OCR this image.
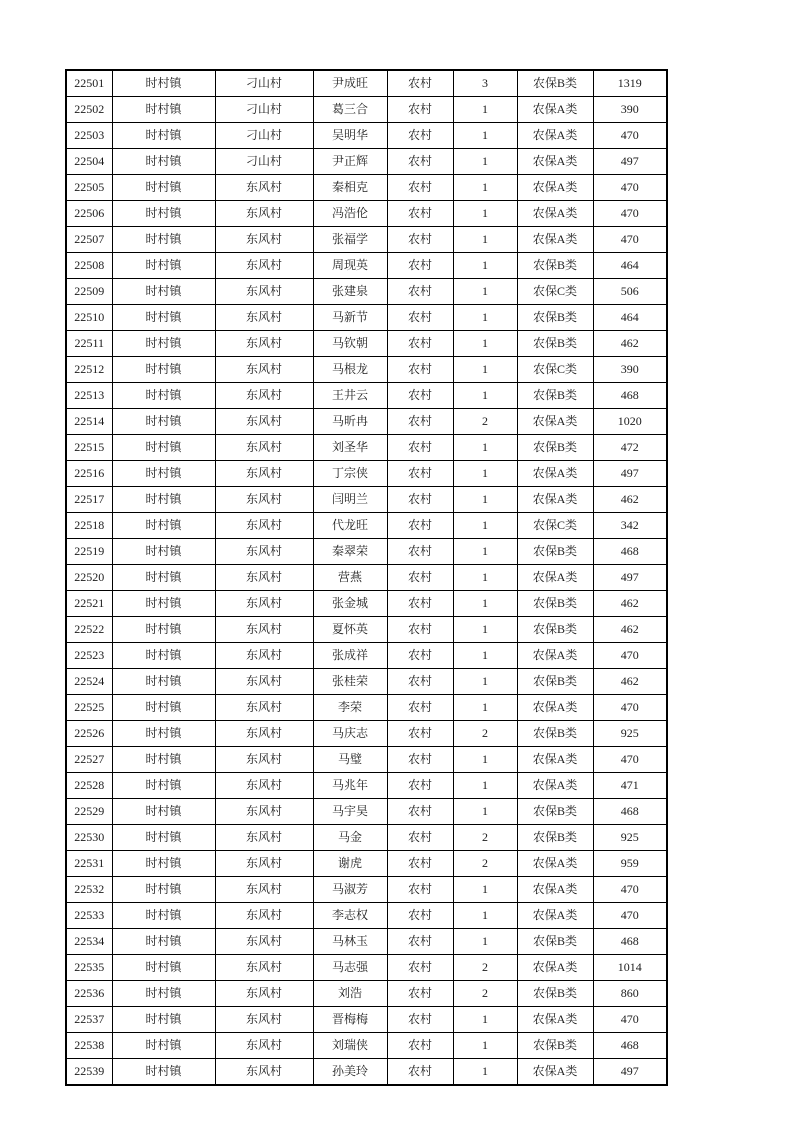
22501	时村镇	刁山村	尹成旺	农村	3	农保B类	1319
22502	时村镇	刁山村	葛三合	农村	1	农保A类	390
22503	时村镇	刁山村	吴明华	农村	1	农保A类	470
22504	时村镇	刁山村	尹正辉	农村	1	农保A类	497
22505	时村镇	东风村	秦相克	农村	1	农保A类	470
22506	时村镇	东风村	冯浩伦	农村	1	农保A类	470
22507	时村镇	东风村	张福学	农村	1	农保A类	470
22508	时村镇	东风村	周现英	农村	1	农保B类	464
22509	时村镇	东风村	张建泉	农村	1	农保C类	506
22510	时村镇	东风村	马新节	农村	1	农保B类	464
22511	时村镇	东风村	马钦朝	农村	1	农保B类	462
22512	时村镇	东风村	马根龙	农村	1	农保C类	390
22513	时村镇	东风村	王井云	农村	1	农保B类	468
22514	时村镇	东风村	马昕冉	农村	2	农保A类	1020
22515	时村镇	东风村	刘圣华	农村	1	农保B类	472
22516	时村镇	东风村	丁宗侠	农村	1	农保A类	497
22517	时村镇	东风村	闫明兰	农村	1	农保A类	462
22518	时村镇	东风村	代龙旺	农村	1	农保C类	342
22519	时村镇	东风村	秦翠荣	农村	1	农保B类	468
22520	时村镇	东风村	营燕	农村	1	农保A类	497
22521	时村镇	东风村	张金城	农村	1	农保B类	462
22522	时村镇	东风村	夏怀英	农村	1	农保B类	462
22523	时村镇	东风村	张成祥	农村	1	农保A类	470
22524	时村镇	东风村	张桂荣	农村	1	农保B类	462
22525	时村镇	东风村	李荣	农村	1	农保A类	470
22526	时村镇	东风村	马庆志	农村	2	农保B类	925
22527	时村镇	东风村	马璧	农村	1	农保A类	470
22528	时村镇	东风村	马兆年	农村	1	农保A类	471
22529	时村镇	东风村	马宇昊	农村	1	农保B类	468
22530	时村镇	东风村	马金	农村	2	农保B类	925
22531	时村镇	东风村	谢虎	农村	2	农保A类	959
22532	时村镇	东风村	马淑芳	农村	1	农保A类	470
22533	时村镇	东风村	李志权	农村	1	农保A类	470
22534	时村镇	东风村	马林玉	农村	1	农保B类	468
22535	时村镇	东风村	马志强	农村	2	农保A类	1014
22536	时村镇	东风村	刘浩	农村	2	农保B类	860
22537	时村镇	东风村	晋梅梅	农村	1	农保A类	470
22538	时村镇	东风村	刘瑞侠	农村	1	农保B类	468
22539	时村镇	东风村	孙美玲	农村	1	农保A类	497
